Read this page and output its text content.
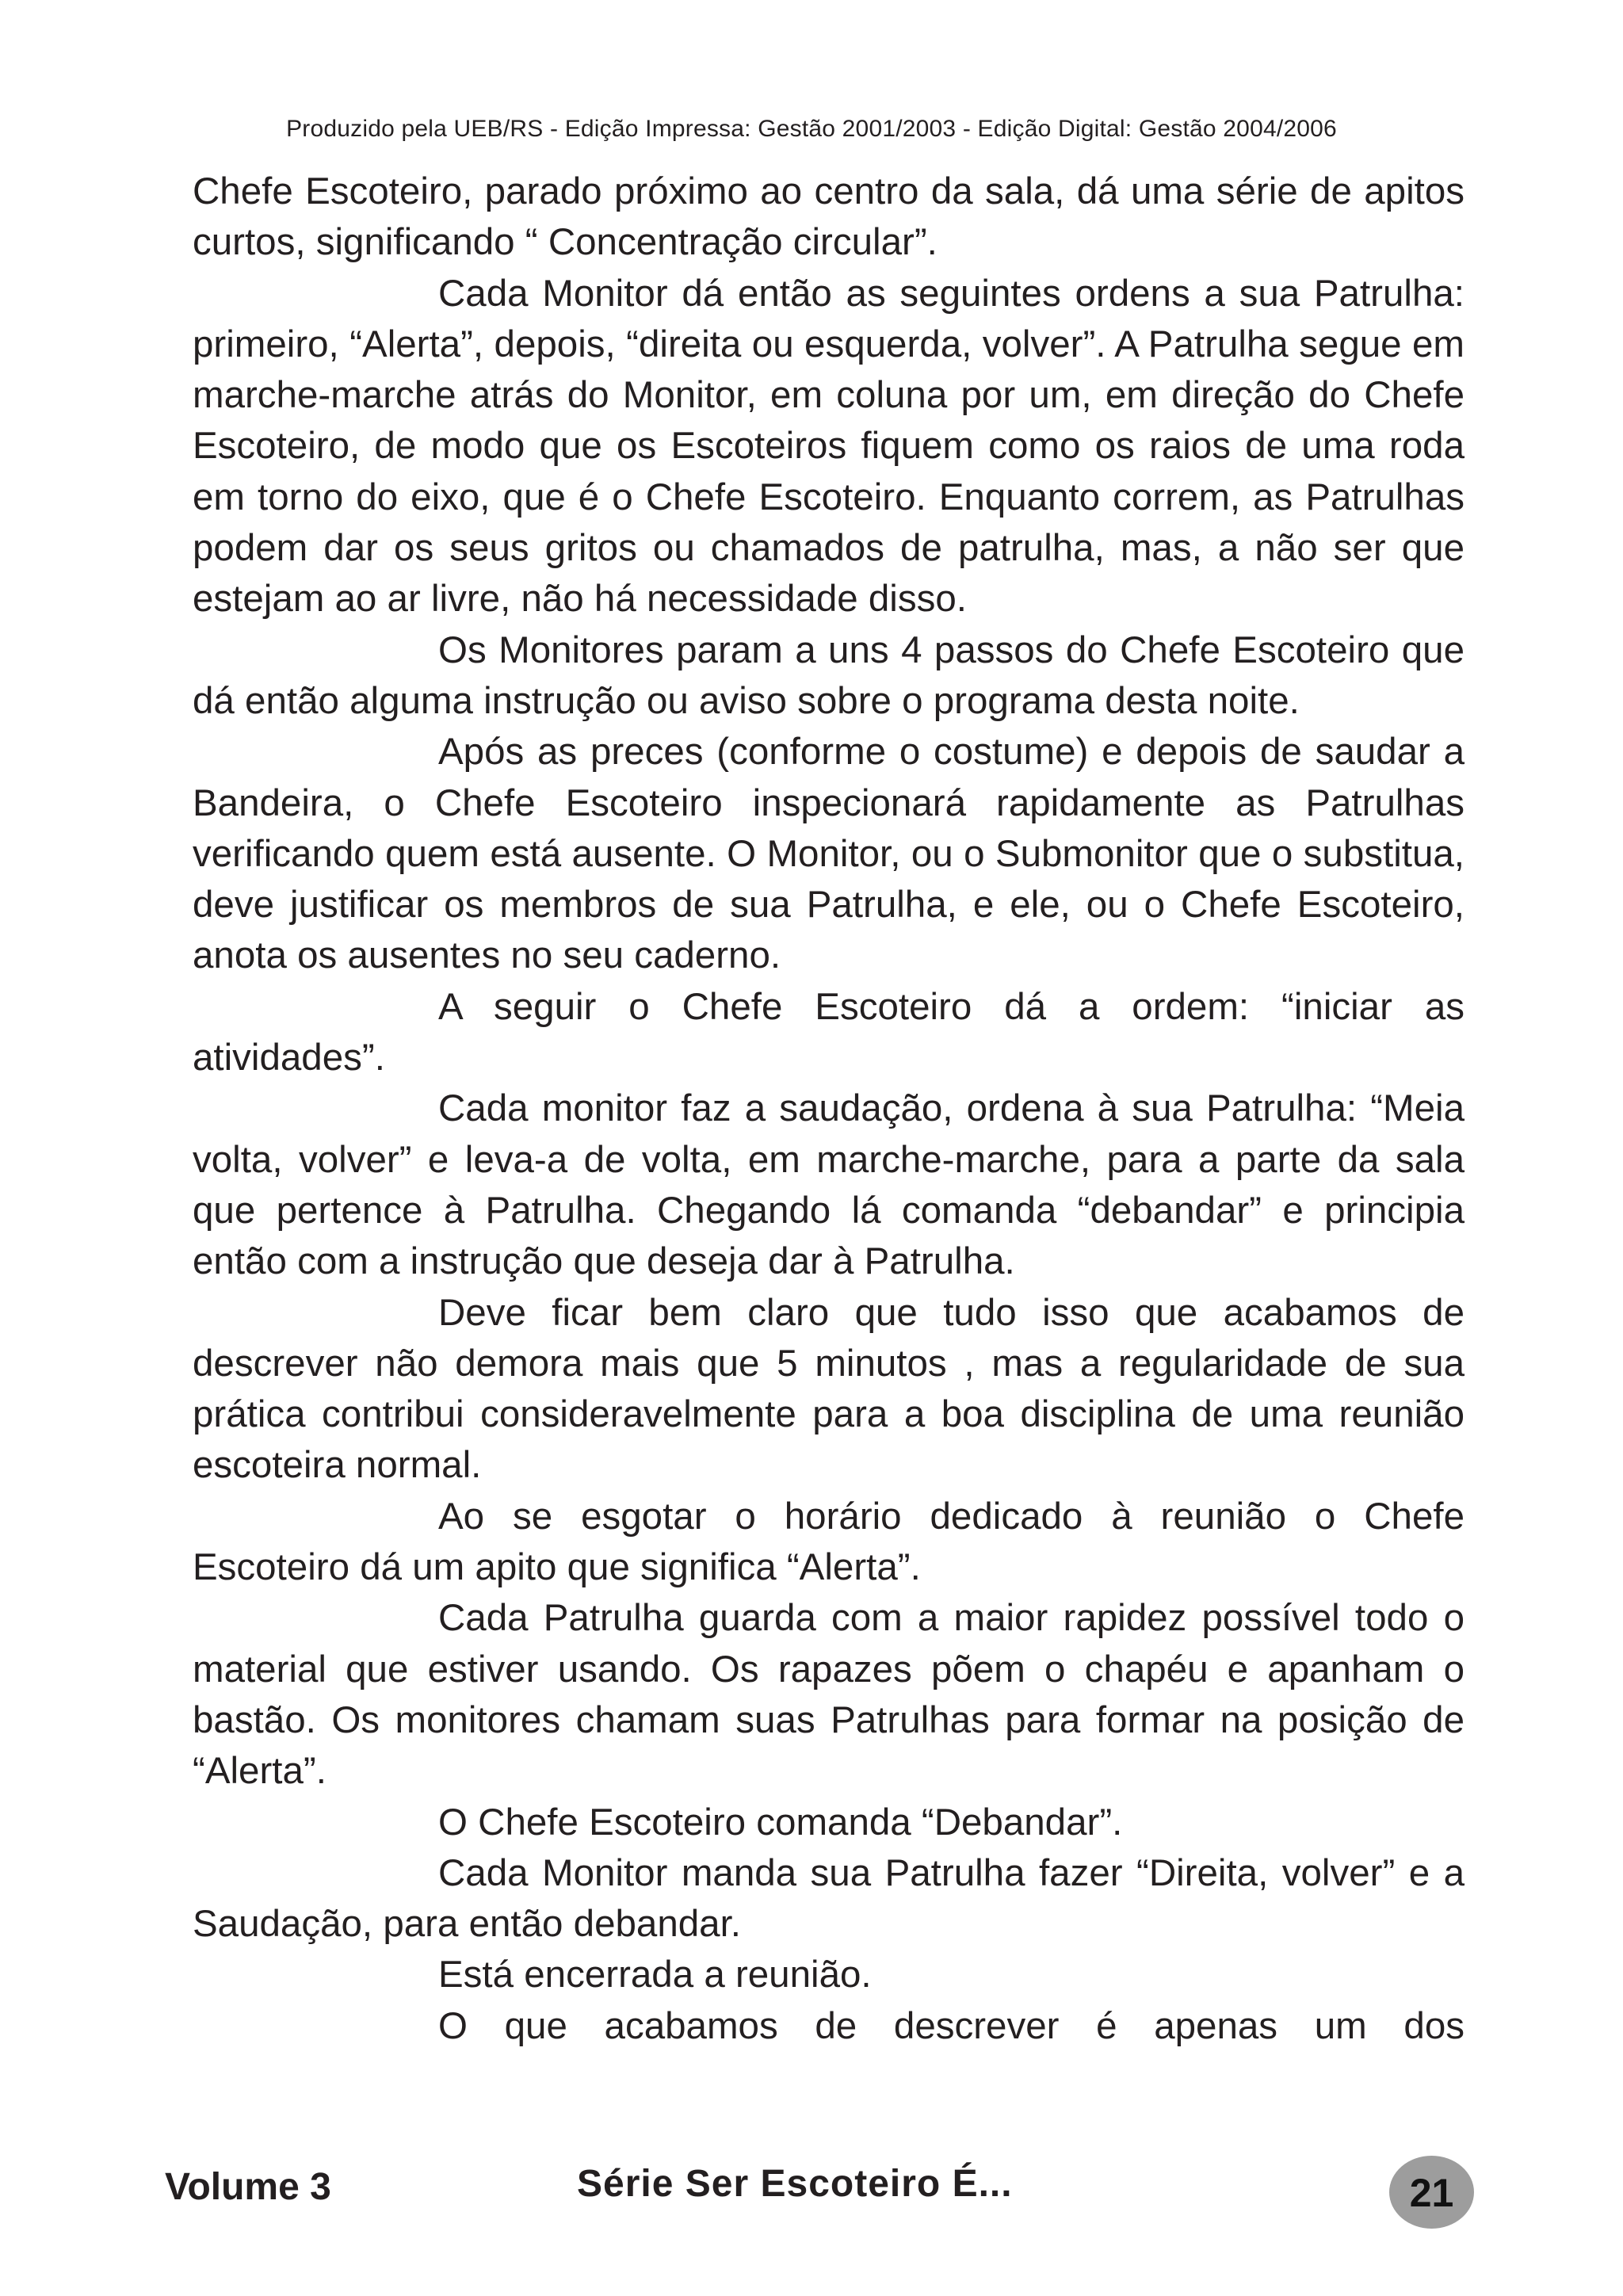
Produzido pela UEB/RS - Edição Impressa: Gestão 2001/2003 - Edição Digital: Gestão 2004/2006

Chefe Escoteiro, parado próximo ao centro da sala, dá uma série de apitos curtos, significando “ Concentração circular”.

Cada Monitor dá então as seguintes ordens a sua Patrulha: primeiro, “Alerta”, depois, “direita ou esquerda, volver”. A Patrulha segue em marche-marche atrás do Monitor, em coluna por um, em direção do Chefe Escoteiro, de modo que os Escoteiros fiquem como os raios de uma roda em torno do eixo, que é o Chefe Escoteiro. Enquanto correm, as Patrulhas podem dar os seus gritos ou chamados de patrulha, mas, a não ser que estejam ao ar livre, não há necessidade disso.

Os Monitores param a uns 4 passos do Chefe Escoteiro que dá então alguma instrução ou aviso sobre o programa desta noite.

Após as preces (conforme o costume) e depois de saudar a Bandeira, o Chefe Escoteiro inspecionará rapidamente as Patrulhas verificando quem está ausente. O Monitor, ou o Submonitor que o substitua, deve justificar os membros de sua Patrulha, e ele, ou o Chefe Escoteiro, anota os ausentes no seu caderno.

A seguir o Chefe Escoteiro dá a ordem: “iniciar as atividades”.

Cada monitor faz a saudação, ordena à sua Patrulha: “Meia volta, volver” e leva-a de volta, em marche-marche, para a parte da sala que pertence à Patrulha. Chegando lá comanda “debandar” e principia então com a instrução que deseja dar à Patrulha.

Deve ficar bem claro que tudo isso que acabamos de descrever não demora mais que 5 minutos , mas a regularidade de sua prática contribui consideravelmente para a boa disciplina de uma reunião escoteira normal.

Ao se esgotar o horário dedicado à reunião o Chefe Escoteiro dá um apito que significa “Alerta”.

Cada Patrulha guarda com a maior rapidez possível todo o material que estiver usando. Os rapazes põem o chapéu e apanham o bastão. Os monitores chamam suas Patrulhas para formar na posição de “Alerta”.

O Chefe Escoteiro comanda “Debandar”.

Cada Monitor manda sua Patrulha fazer “Direita, volver” e a Saudação, para então debandar.

Está encerrada a reunião.

O que acabamos de descrever é apenas um dos

Volume 3	Série Ser Escoteiro É...	21
